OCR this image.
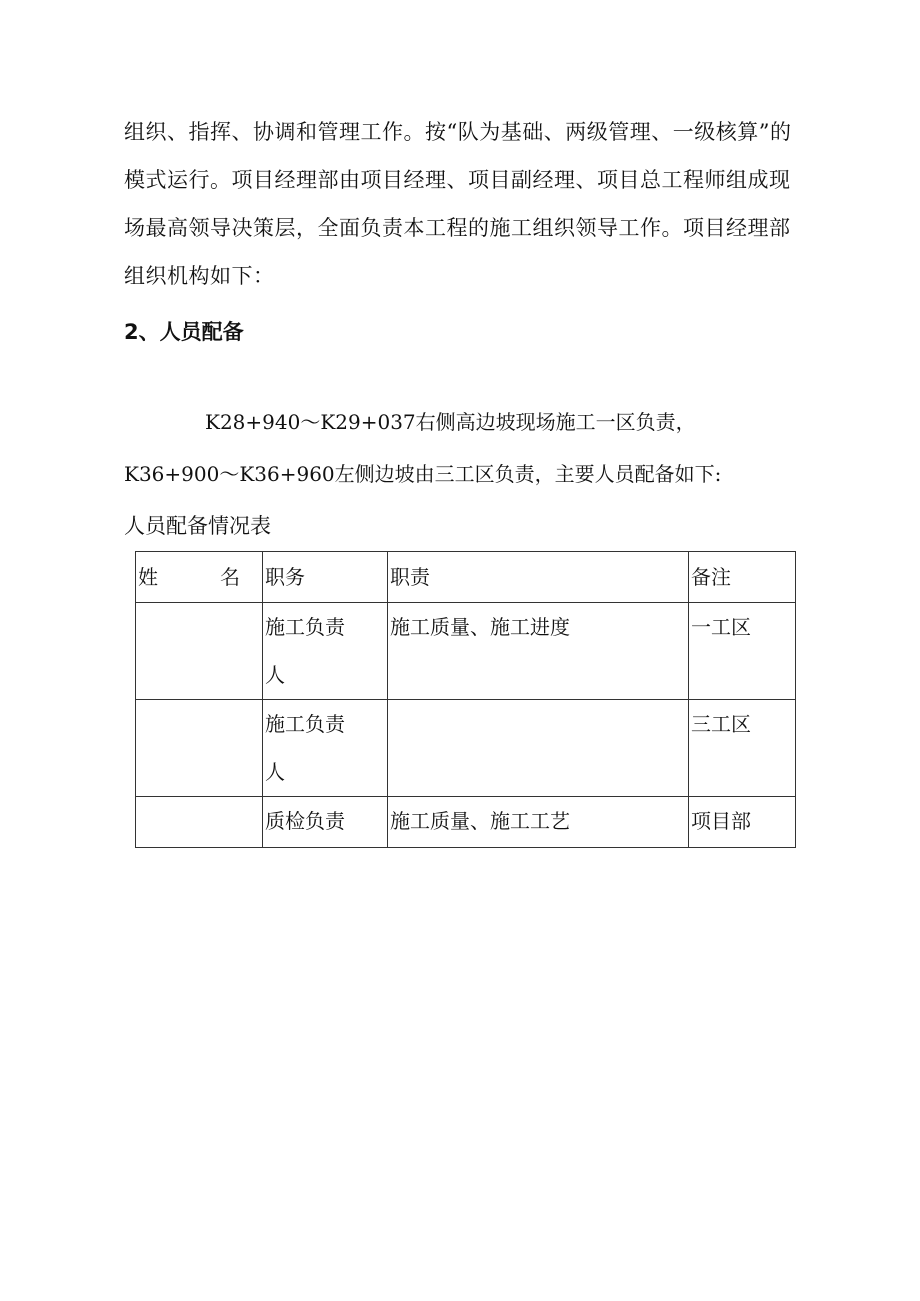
组织、指挥、协调和管理工作。按“队为基础、两级管理、一级核算”的模式运行。项目经理部由项目经理、项目副经理、项目总工程师组成现场最高领导决策层，全面负责本工程的施工组织领导工作。项目经理部组织机构如下：

2、人员配备

K28+940～K29+037右侧高边坡现场施工一区负责，

K36+900～K36+960左侧边坡由三工区负责，主要人员配备如下:

人员配备情况表

姓 名	职务	职责	备注

	施工负责人	施工质量、施工进度	一工区

	施工负责人		三工区

	质检负责	施工质量、施工工艺	项目部
